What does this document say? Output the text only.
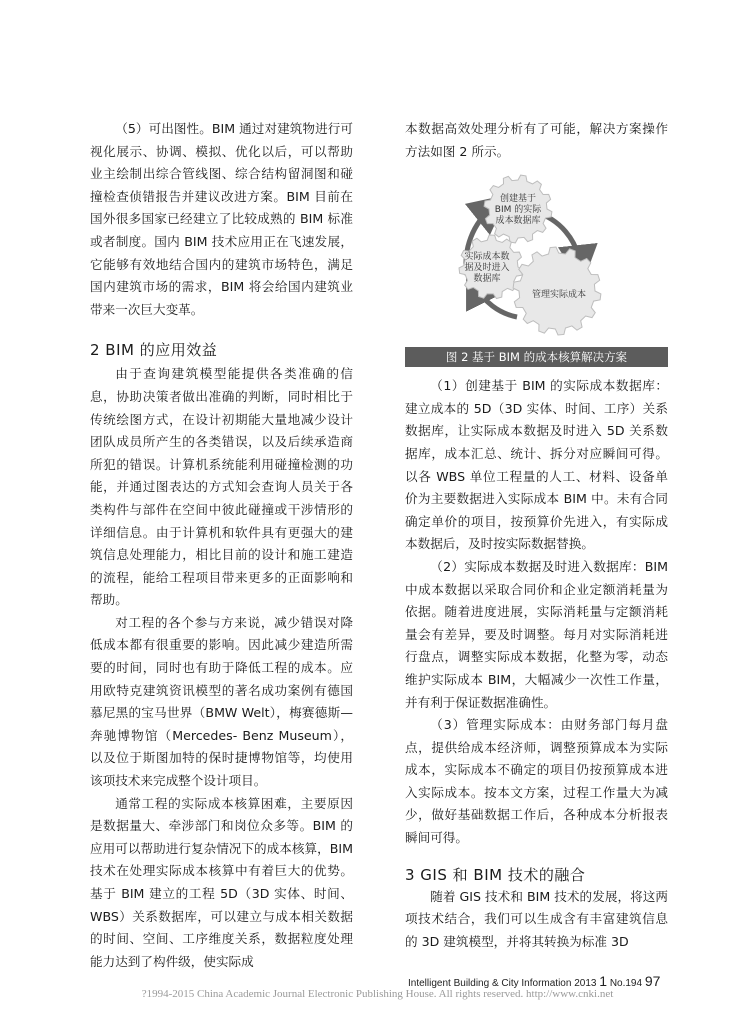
（5）可出图性。BIM 通过对建筑物进行可视化展示、协调、模拟、优化以后，可以帮助业主绘制出综合管线图、综合结构留洞图和碰撞检查侦错报告并建议改进方案。BIM 目前在国外很多国家已经建立了比较成熟的 BIM 标准或者制度。国内 BIM 技术应用正在飞速发展，它能够有效地结合国内的建筑市场特色，满足国内建筑市场的需求，BIM 将会给国内建筑业带来一次巨大变革。

2 BIM 的应用效益

由于查询建筑模型能提供各类准确的信息，协助决策者做出准确的判断，同时相比于传统绘图方式，在设计初期能大量地减少设计团队成员所产生的各类错误，以及后续承造商所犯的错误。计算机系统能利用碰撞检测的功能，并通过图表达的方式知会查询人员关于各类构件与部件在空间中彼此碰撞或干涉情形的详细信息。由于计算机和软件具有更强大的建筑信息处理能力，相比目前的设计和施工建造的流程，能给工程项目带来更多的正面影响和帮助。

对工程的各个参与方来说，减少错误对降低成本都有很重要的影响。因此减少建造所需要的时间，同时也有助于降低工程的成本。应用欧特克建筑资讯模型的著名成功案例有德国慕尼黑的宝马世界（BMW Welt），梅赛德斯—奔驰博物馆（Mercedes- Benz Museum），以及位于斯图加特的保时捷博物馆等，均使用该项技术来完成整个设计项目。

通常工程的实际成本核算困难，主要原因是数据量大、牵涉部门和岗位众多等。BIM 的应用可以帮助进行复杂情况下的成本核算，BIM 技术在处理实际成本核算中有着巨大的优势。基于 BIM 建立的工程 5D（3D 实体、时间、WBS）关系数据库，可以建立与成本相关数据的时间、空间、工序维度关系，数据粒度处理能力达到了构件级，使实际成

本数据高效处理分析有了可能，解决方案操作方法如图 2 所示。

创建基于
BIM 的实际
成本数据库
实际成本数
据及时进入
数据库
管理实际成本
图 2 基于 BIM 的成本核算解决方案

（1）创建基于 BIM 的实际成本数据库：建立成本的 5D（3D 实体、时间、工序）关系数据库，让实际成本数据及时进入 5D 关系数据库，成本汇总、统计、拆分对应瞬间可得。以各 WBS 单位工程量的人工、材料、设备单价为主要数据进入实际成本 BIM 中。未有合同确定单价的项目，按预算价先进入，有实际成本数据后，及时按实际数据替换。

（2）实际成本数据及时进入数据库：BIM 中成本数据以采取合同价和企业定额消耗量为依据。随着进度进展，实际消耗量与定额消耗量会有差异，要及时调整。每月对实际消耗进行盘点，调整实际成本数据，化整为零，动态维护实际成本 BIM，大幅减少一次性工作量，并有利于保证数据准确性。

（3）管理实际成本：由财务部门每月盘点，提供给成本经济师，调整预算成本为实际成本，实际成本不确定的项目仍按预算成本进入实际成本。按本文方案，过程工作量大为减少，做好基础数据工作后，各种成本分析报表瞬间可得。

3 GIS 和 BIM 技术的融合

随着 GIS 技术和 BIM 技术的发展，将这两项技术结合，我们可以生成含有丰富建筑信息的 3D 建筑模型，并将其转换为标准 3D

Intelligent Building & City Information 2013 1 No.194 97
?1994-2015 China Academic Journal Electronic Publishing House. All rights reserved. http://www.cnki.net
